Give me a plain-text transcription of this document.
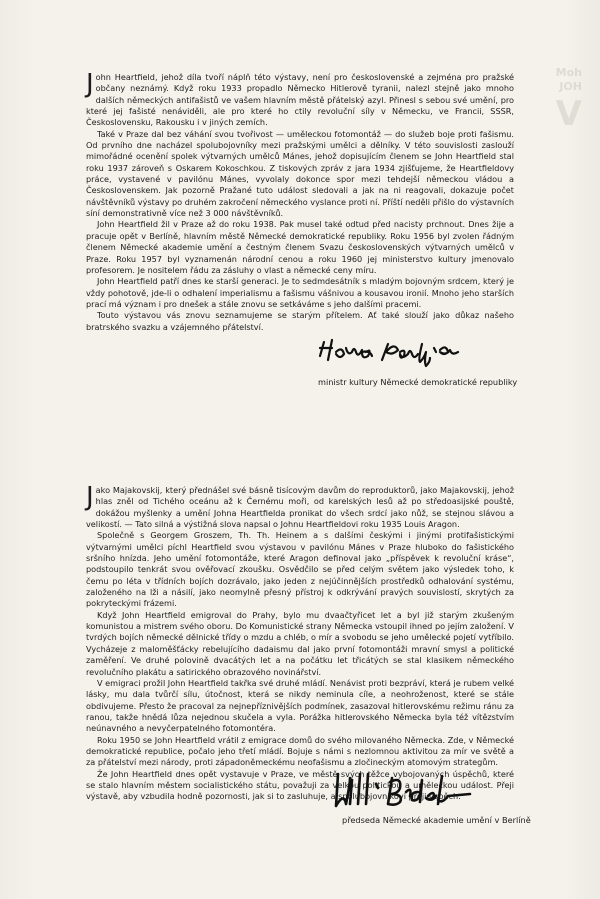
Moh
JOH
V

John Heartfield, jehož díla tvoří náplň této výstavy, není pro československé a zejména pro pražské občany neznámý. Když roku 1933 propadlo Německo Hitlerově tyranii, nalezl stejně jako mnoho dalších německých antifašistů ve vašem hlavním městě přátelský azyl. Přinesl s sebou své umění, pro které jej fašisté nenáviděli, ale pro které ho ctily revoluční síly v Německu, ve Francii, SSSR, Československu, Rakousku i v jiných zemích.

Také v Praze dal bez váhání svou tvořivost — uměleckou fotomontáž — do služeb boje proti fašismu. Od prvního dne nacházel spolubojovníky mezi pražskými umělci a dělníky. V této souvislosti zaslouží mimořádné ocenění spolek výtvarných umělců Mánes, jehož dopisujícím členem se John Heartfield stal roku 1937 zároveň s Oskarem Kokoschkou. Z tiskových zpráv z jara 1934 zjišťujeme, že Heartfieldovy práce, vystavené v pavilónu Mánes, vyvolaly dokonce spor mezi tehdejší německou vládou a Československem. Jak pozorně Pražané tuto událost sledovali a jak na ni reagovali, dokazuje počet návštěvníků výstavy po druhém zakročení německého vyslance proti ní. Příští neděli přišlo do výstavních síní demonstrativně více než 3 000 návštěvníků.

John Heartfield žil v Praze až do roku 1938. Pak musel také odtud před nacisty prchnout. Dnes žije a pracuje opět v Berlíně, hlavním městě Německé demokratické republiky. Roku 1956 byl zvolen řádným členem Německé akademie umění a čestným členem Svazu československých výtvarných umělců v Praze. Roku 1957 byl vyznamenán národní cenou a roku 1960 jej ministerstvo kultury jmenovalo profesorem. Je nositelem řádu za zásluhy o vlast a německé ceny míru.

John Heartfield patří dnes ke starší generaci. Je to sedmdesátník s mladým bojovným srdcem, který je vždy pohotově, jde-li o odhalení imperialismu a fašismu vášnivou a kousavou ironií. Mnoho jeho starších prací má význam i pro dnešek a stále znovu se setkáváme s jeho dalšími pracemi.

Touto výstavou vás znovu seznamujeme se starým přítelem. Ať také slouží jako důkaz našeho bratrského svazku a vzájemného přátelství.

ministr kultury Německé demokratické republiky

Jako Majakovskij, který přednášel své básně tisícovým davům do reproduktorů, jako Majakovskij, jehož hlas zněl od Tichého oceánu až k Černému moři, od karelských lesů až po středoasijské pouště, dokážou myšlenky a umění Johna Heartfielda pronikat do všech srdcí jako nůž, se stejnou slávou a velikostí. — Tato silná a výstižná slova napsal o Johnu Heartfieldovi roku 1935 Louis Aragon.

Společně s Georgem Groszem, Th. Th. Heinem a s dalšími českými i jinými protifašistickými výtvarnými umělci píchl Heartfield svou výstavou v pavilónu Mánes v Praze hluboko do fašistického sršního hnízda. Jeho umění fotomontáže, které Aragon definoval jako „příspěvek k revoluční kráse“, podstoupilo tenkrát svou ověřovací zkoušku. Osvědčilo se před celým světem jako výsledek toho, k čemu po léta v třídních bojích dozrávalo, jako jeden z nejúčinnějších prostředků odhalování systému, založeného na lži a násilí, jako neomylně přesný přístroj k odkrývání pravých souvislostí, skrytých za pokryteckými frázemi.

Když John Heartfield emigroval do Prahy, bylo mu dvaačtyřicet let a byl již starým zkušeným komunistou a mistrem svého oboru. Do Komunistické strany Německa vstoupil ihned po jejím založení. V tvrdých bojích německé dělnické třídy o mzdu a chléb, o mír a svobodu se jeho umělecké pojetí vytříbilo. Vycházeje z maloměšťácky rebelujícího dadaismu dal jako první fotomontáži mravní smysl a politické zaměření. Ve druhé polovině dvacátých let a na počátku let třicátých se stal klasikem německého revolučního plakátu a satirického obrazového novinářství.

V emigraci prožil John Heartfield takřka své druhé mládí. Nenávist proti bezpráví, která je rubem velké lásky, mu dala tvůrčí sílu, útočnost, která se nikdy neminula cíle, a neohroženost, které se stále obdivujeme. Přesto že pracoval za nejnepříznivějších podmínek, zasazoval hitlerovskému režimu ránu za ranou, takže hnědá lůza nejednou skučela a vyla. Porážka hitlerovského Německa byla též vítězstvím neúnavného a nevyčerpatelného fotomontéra.

Roku 1950 se John Heartfield vrátil z emigrace domů do svého milovaného Německa. Zde, v Německé demokratické republice, počalo jeho třetí mládí. Bojuje s námi s nezlomnou aktivitou za mír ve světě a za přátelství mezi národy, proti západoněmeckému neofašismu a zločineckým atomovým strategům.

Že John Heartfield dnes opět vystavuje v Praze, ve městě svých těžce vybojovaných úspěchů, které se stalo hlavním městem socialistického státu, považuji za velkou politickou a uměleckou událost. Přeji výstavě, aby vzbudila hodně pozornosti, jak si to zasluhuje, a spolubojovníkovi přeji úspěch.

předseda Německé akademie umění v Berlíně
